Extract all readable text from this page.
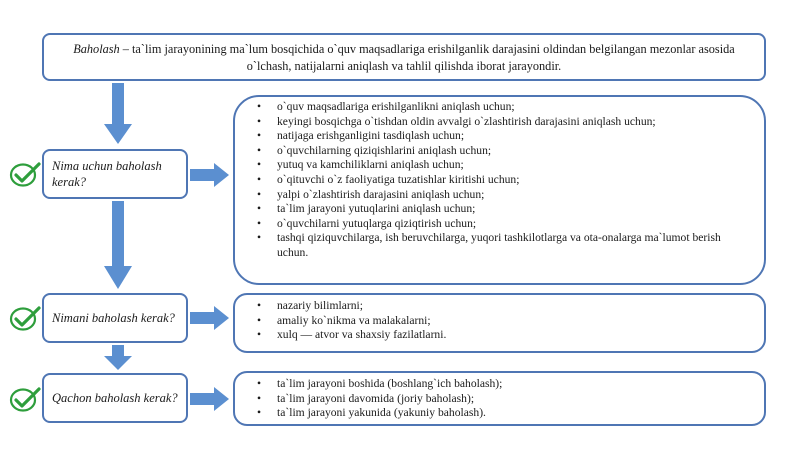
Baholash – ta`lim jarayonining ma`lum bosqichida o`quv maqsadlariga erishilganlik darajasini oldindan belgilangan mezonlar asosida o`lchash, natijalarni aniqlash va tahlil qilishda iborat jarayondir.
Nima uchun baholash kerak?
Nimani baholash kerak?
Qachon baholash kerak?
• o`quv maqsadlariga erishilganlikni aniqlash uchun;
• keyingi bosqichga o`tishdan oldin avvalgi o`zlashtirish darajasini aniqlash uchun;
• natijaga erishganligini tasdiqlash uchun;
• o`quvchilarning qiziqishlarini aniqlash uchun;
• yutuq va kamchiliklarni aniqlash uchun;
• o`qituvchi o`z faoliyatiga tuzatishlar kiritishi uchun;
• yalpi o`zlashtirish darajasini aniqlash uchun;
• ta`lim jarayoni yutuqlarini aniqlash uchun;
• o`quvchilarni yutuqlarga qiziqtirish uchun;
• tashqi qiziquvchilarga, ish beruvchilarga, yuqori tashkilotlarga va ota-onalarga ma`lumot berish uchun.
• nazariy bilimlarni;
• amaliy ko`nikma va malakalarni;
• xulq — atvor va shaxsiy fazilatlarni.
• ta`lim jarayoni boshida (boshlang`ich baholash);
• ta`lim jarayoni davomida (joriy baholash);
• ta`lim jarayoni yakunida (yakuniy baholash).
